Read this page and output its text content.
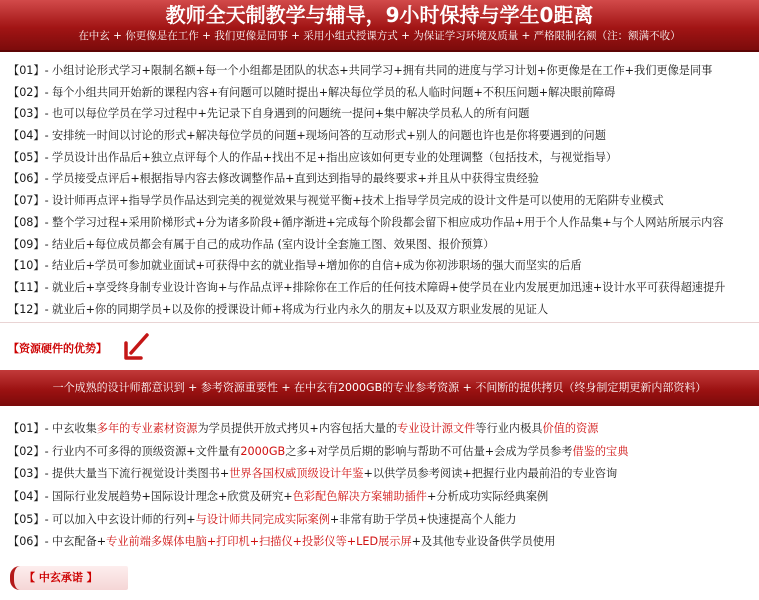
教师全天制教学与辅导，9小时保持与学生0距离
在中玄 + 你更像是在工作 + 我们更像是同事 + 采用小组式授课方式 + 为保证学习环境及质量 + 严格限制名额（注：额满不收）
【01】- 小组讨论形式学习+限制名额+每一个小组都是团队的状态+共同学习+拥有共同的进度与学习计划+你更像是在工作+我们更像是同事
【02】- 每个小组共同开始新的课程内容+有问题可以随时提出+解决每位学员的私人临时问题+不积压问题+解决眼前障碍
【03】- 也可以每位学员在学习过程中+先记录下自身遇到的问题统一提问+集中解决学员私人的所有问题
【04】- 安排统一时间以讨论的形式+解决每位学员的问题+现场问答的互动形式+别人的问题也许也是你将要遇到的问题
【05】- 学员设计出作品后+独立点评每个人的作品+找出不足+指出应该如何更专业的处理调整（包括技术，与视觉指导）
【06】- 学员接受点评后+根据指导内容去修改调整作品+直到达到指导的最终要求+并且从中获得宝贵经验
【07】- 设计师再点评+指导学员作品达到完美的视觉效果与视觉平衡+技术上指导学员完成的设计文件是可以使用的无陷阱专业模式
【08】- 整个学习过程+采用阶梯形式+分为诸多阶段+循序渐进+完成每个阶段都会留下相应成功作品+用于个人作品集+与个人网站所展示内容
【09】- 结业后+每位成员都会有属于自己的成功作品 (室内设计全套施工图、效果图、报价预算）
【10】- 结业后+学员可参加就业面试+可获得中玄的就业指导+增加你的自信+成为你初涉职场的强大而坚实的后盾
【11】- 就业后+享受终身制专业设计咨询+与作品点评+排除你在工作后的任何技术障碍+使学员在业内发展更加迅速+设计水平可获得超速提升
【12】- 就业后+你的同期学员+以及你的授课设计师+将成为行业内永久的朋友+以及双方职业发展的见证人
【资源硬件的优势】
一个成熟的设计师都意识到 + 参考资源重要性 + 在中玄有2000GB的专业参考资源 + 不间断的提供拷贝（终身制定期更新内部资料）
【01】- 中玄收集多年的专业素材资源为学员提供开放式拷贝+内容包括大量的专业设计源文件等行业内极具价值的资源
【02】- 行业内不可多得的顶级资源+文件量有2000GB之多+对学员后期的影响与帮助不可估量+会成为学员参考借鉴的宝典
【03】- 提供大量当下流行视觉设计类图书+世界各国权威顶级设计年鉴+以供学员参考阅读+把握行业内最前沿的专业咨询
【04】- 国际行业发展趋势+国际设计理念+欣赏及研究+色彩配色解决方案辅助插件+分析成功实际经典案例
【05】- 可以加入中玄设计师的行列+与设计师共同完成实际案例+非常有助于学员+快速提高个人能力
【06】- 中玄配备+专业前端多媒体电脑+打印机+扫描仪+投影仪等+LED展示屏+及其他专业设备供学员使用
【 中玄承诺 】
